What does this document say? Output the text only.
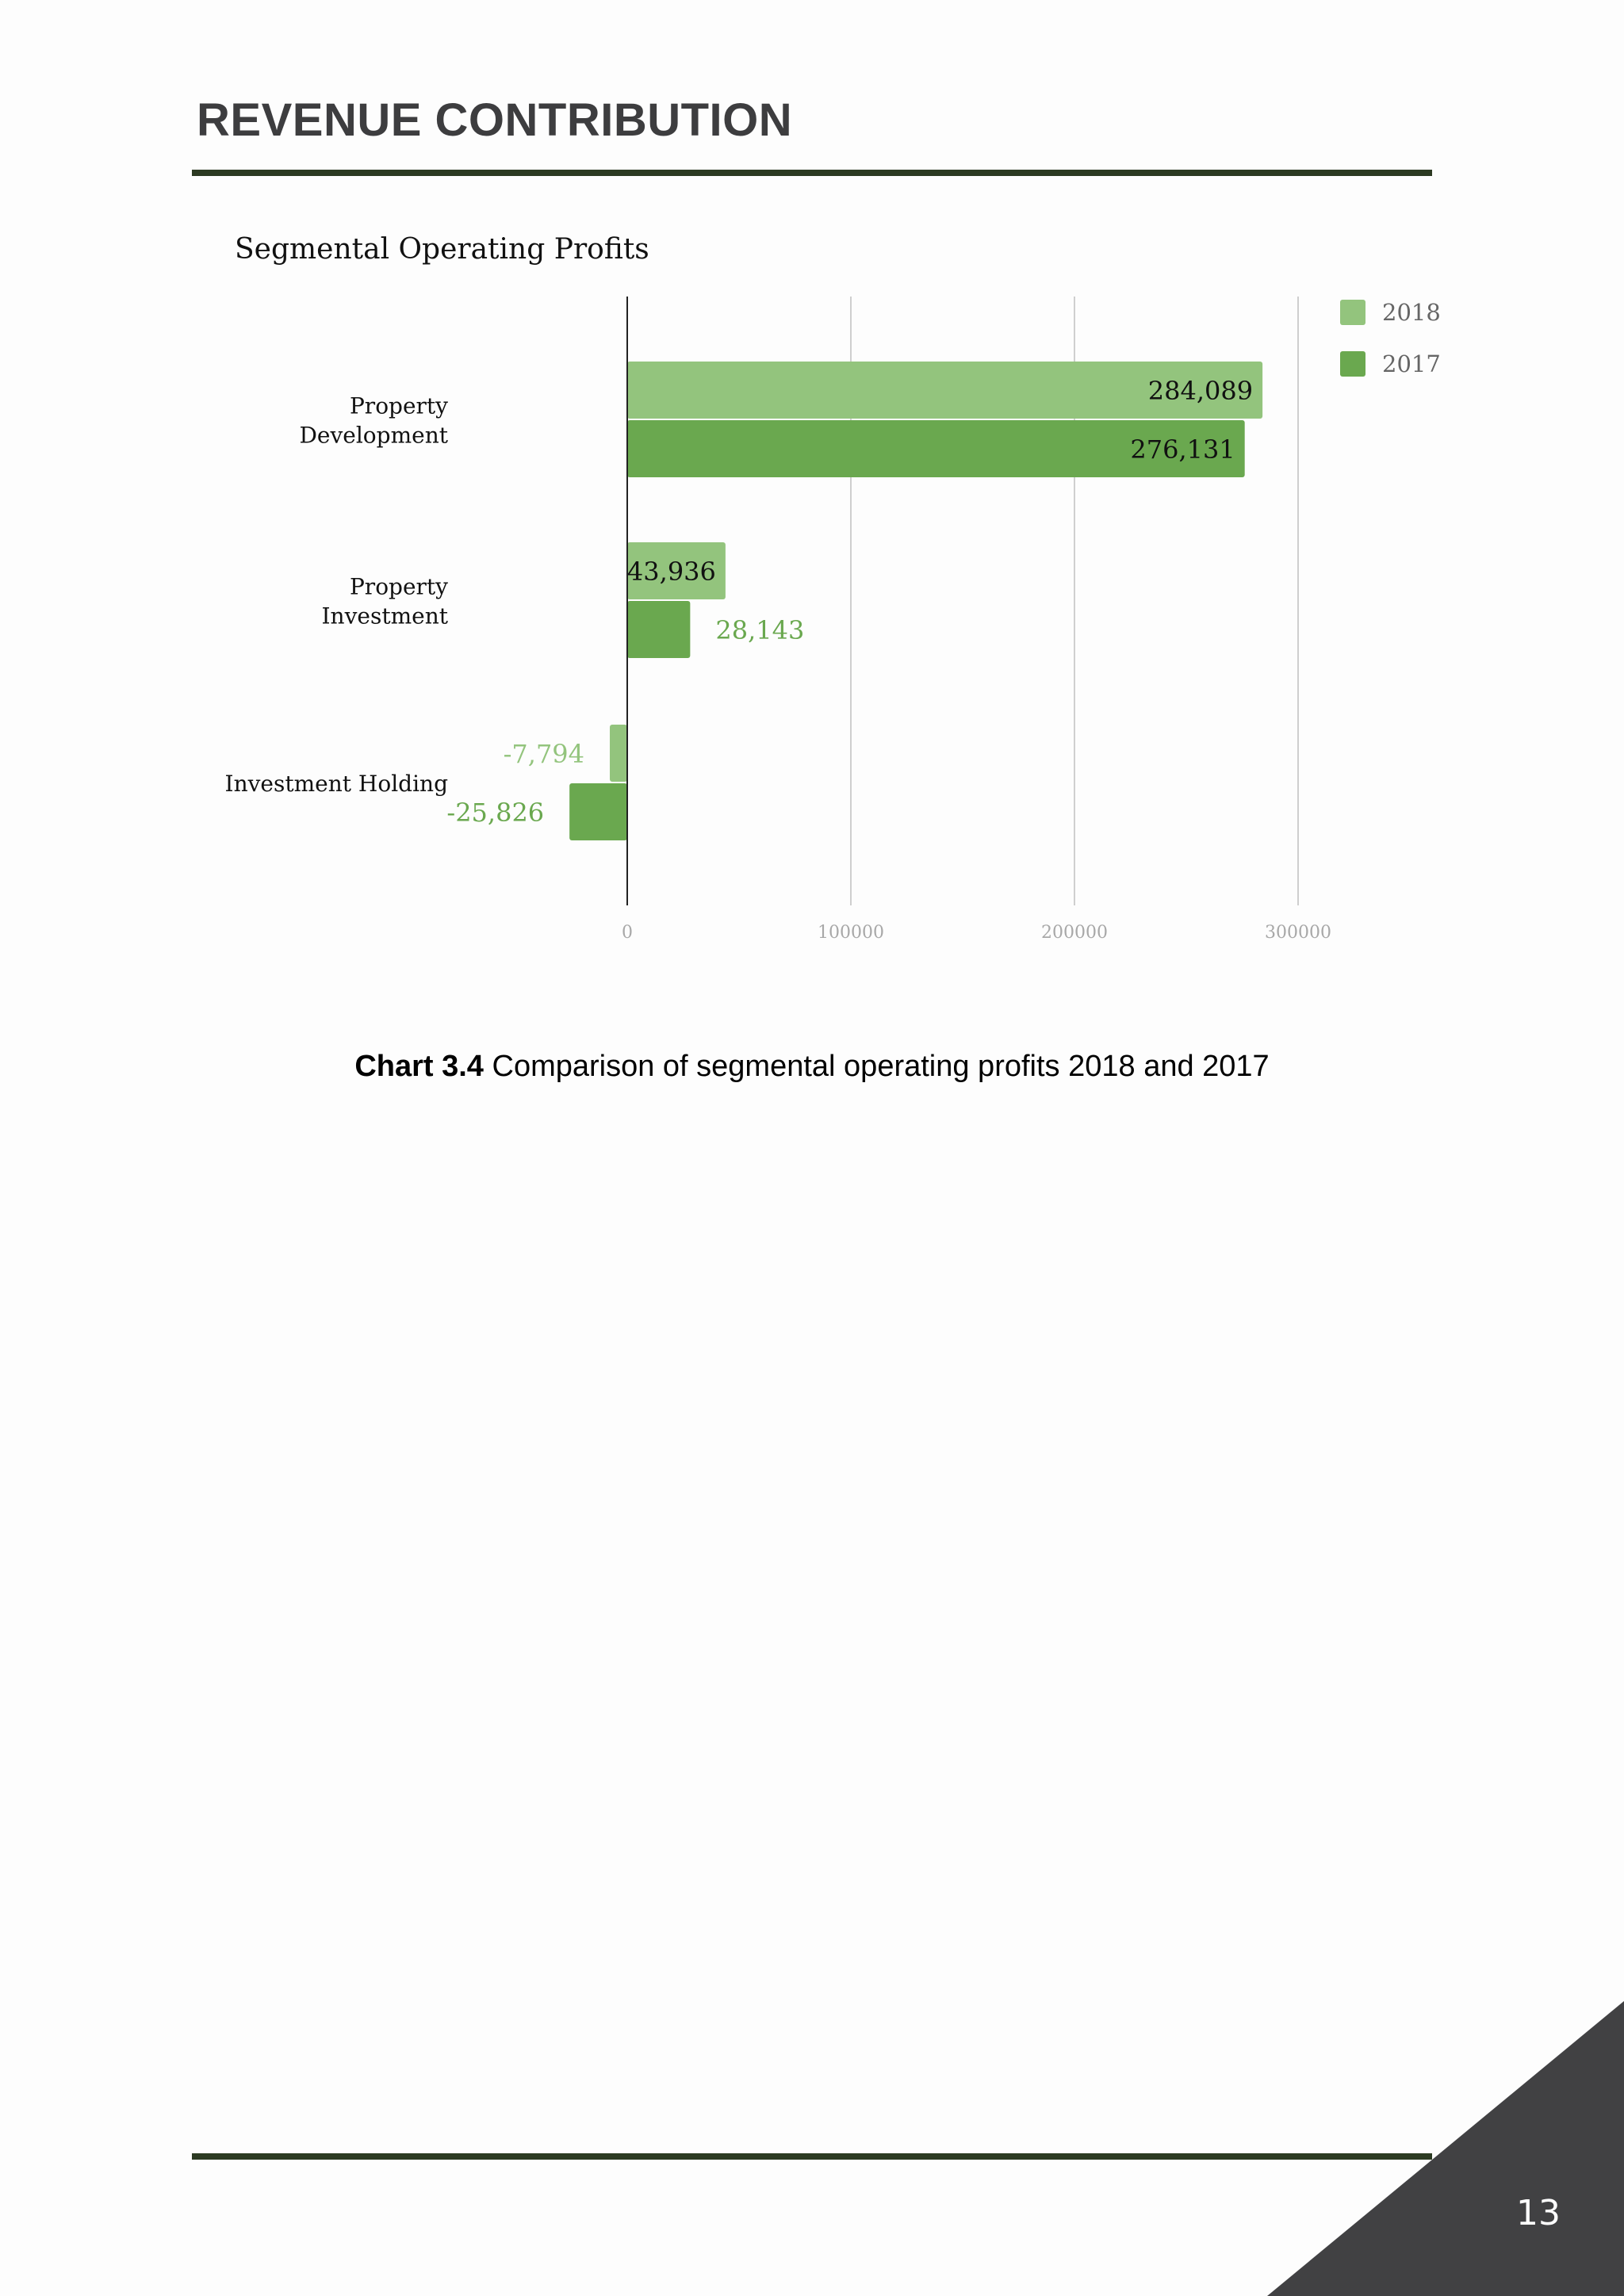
REVENUE CONTRIBUTION
Segmental Operating Profits
0	100000	200000	300000
284,089
43,936
-7,794
276,131
28,143
-25,826
Property
Development
Property
Investment
Investment Holding
2018
2017
Chart 3.4 Comparison of segmental operating profits 2018 and 2017
13
